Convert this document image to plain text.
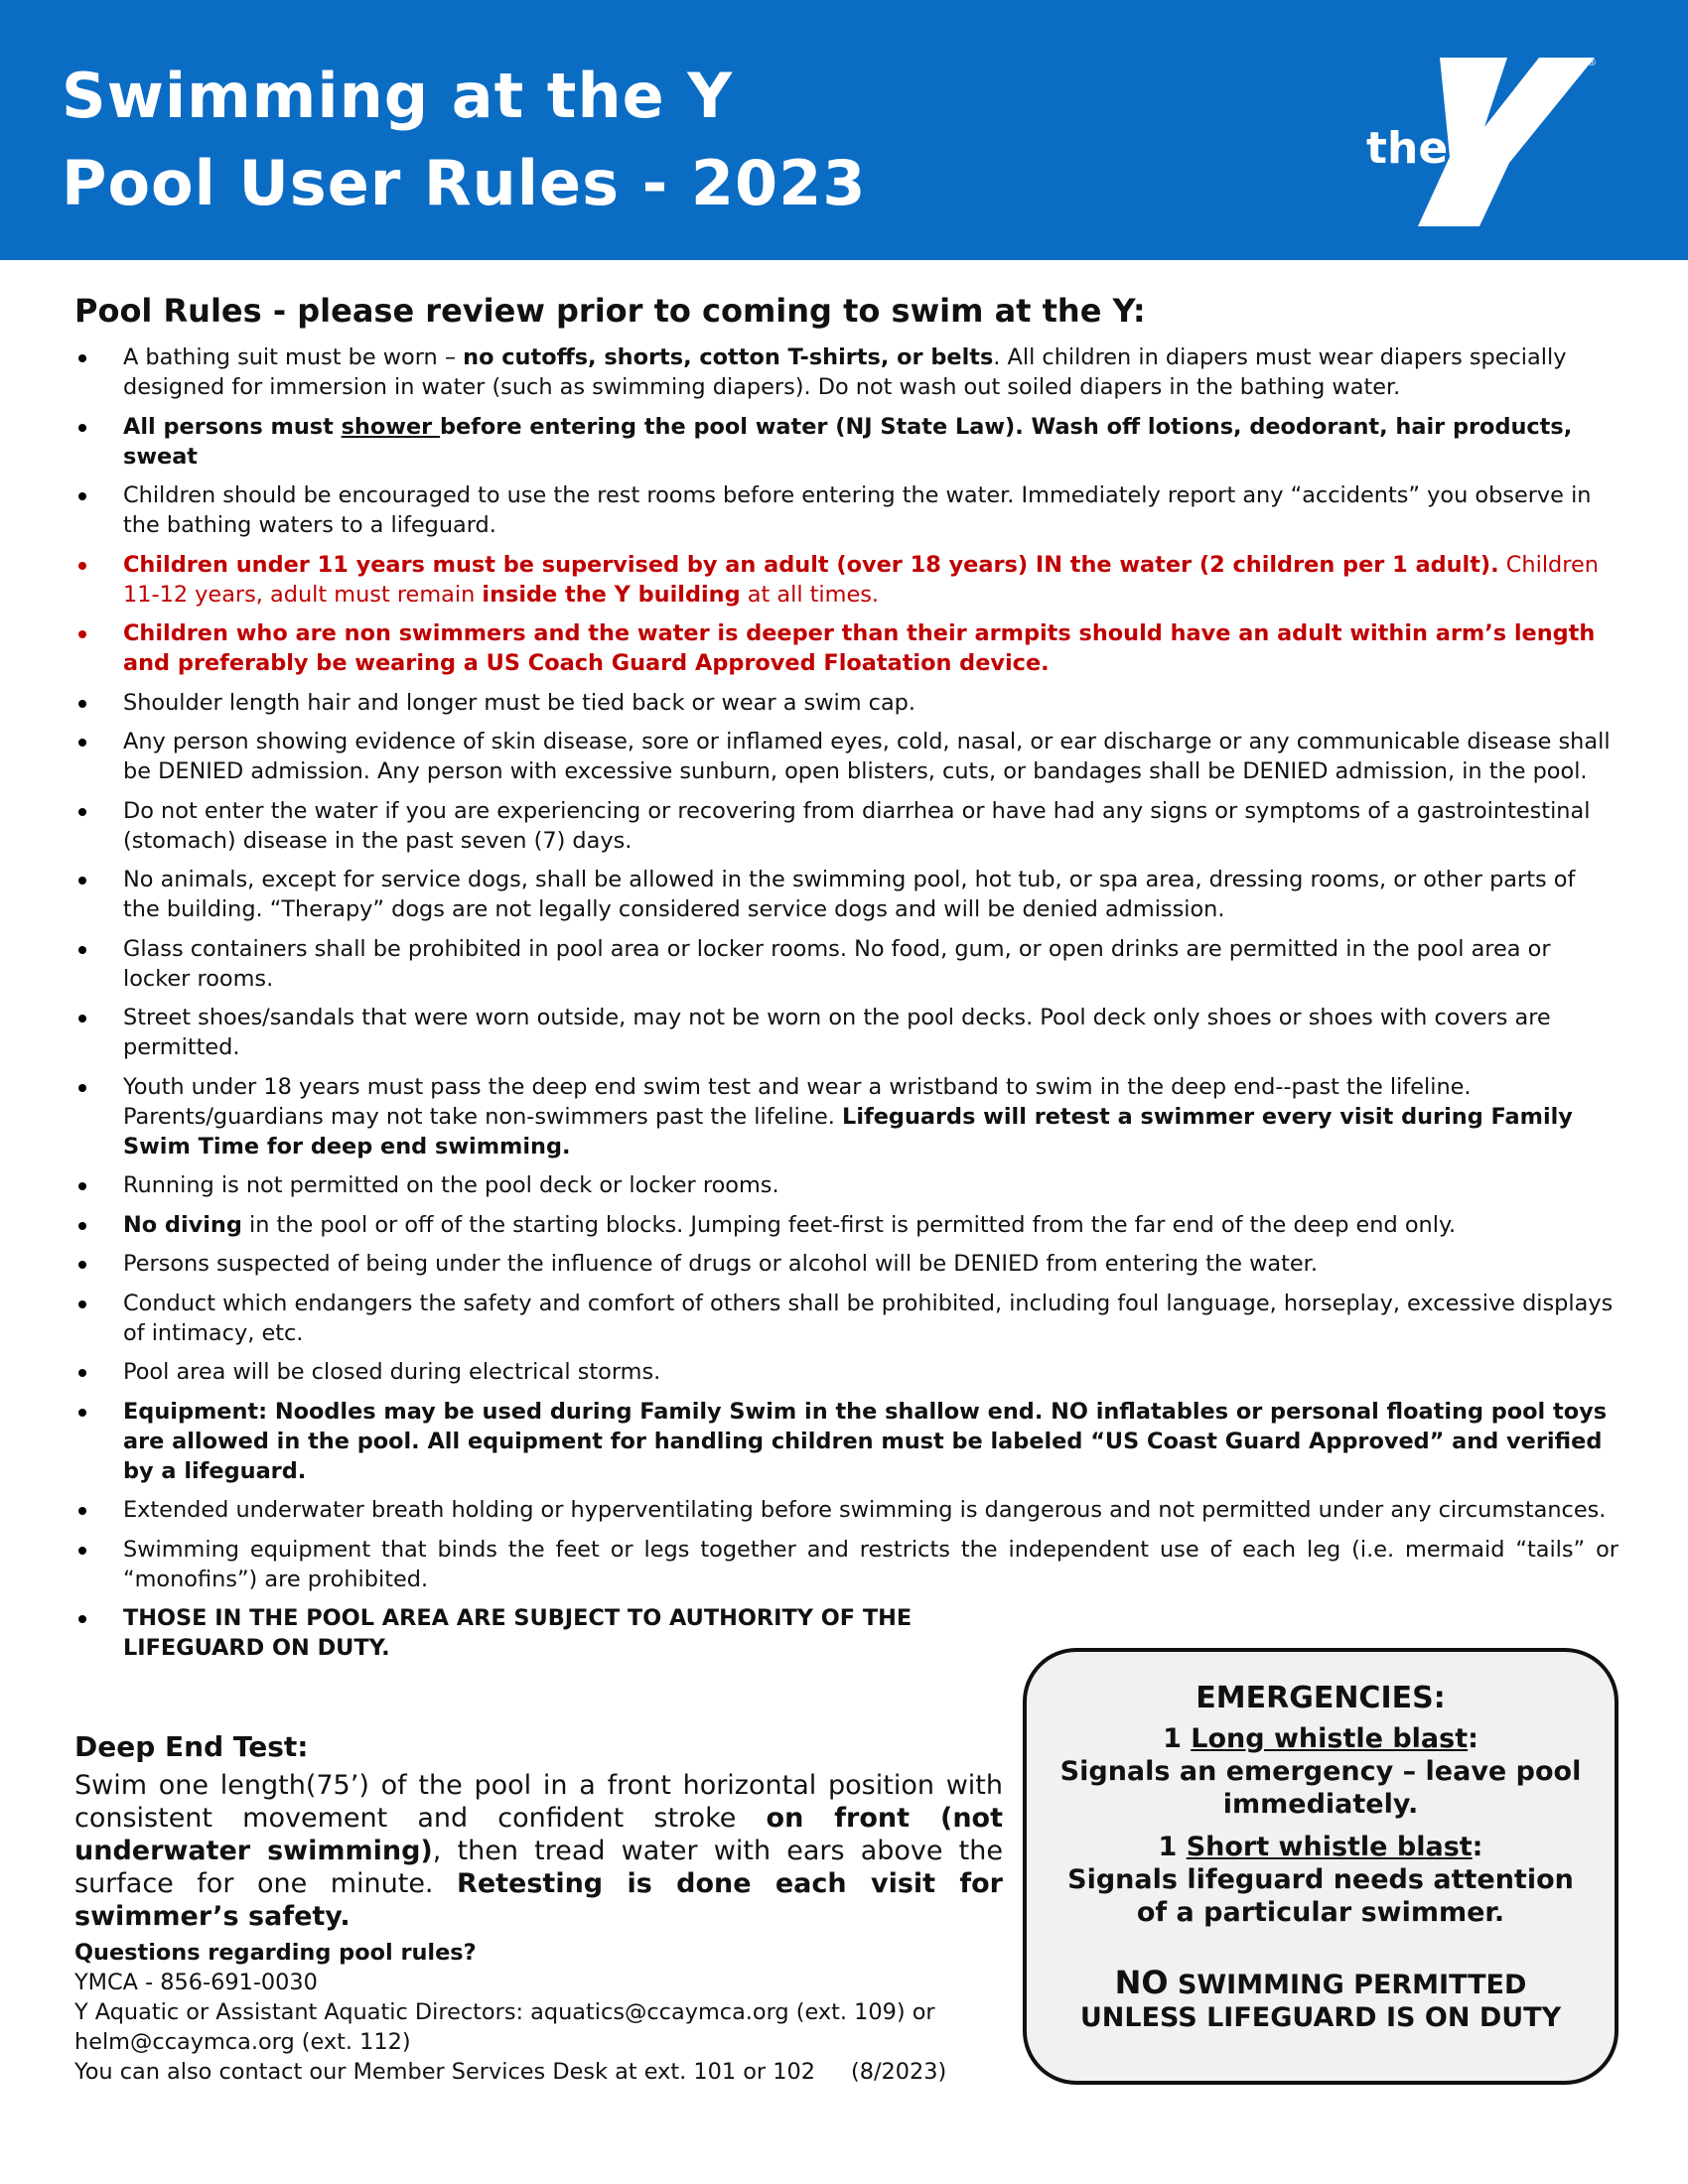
Swimming at the Y
Pool User Rules - 2023	the
YMCA
®
Pool Rules - please review prior to coming to swim at the Y:
A bathing suit must be worn – no cutoffs, shorts, cotton T-shirts, or belts. All children in diapers must wear diapers specially designed for immersion in water (such as swimming diapers). Do not wash out soiled diapers in the bathing water.
All persons must shower before entering the pool water (NJ State Law). Wash off lotions, deodorant, hair products, sweat
Children should be encouraged to use the rest rooms before entering the water. Immediately report any “accidents” you observe in the bathing waters to a lifeguard.
Children under 11 years must be supervised by an adult (over 18 years) IN the water (2 children per 1 adult). Children 11-12 years, adult must remain inside the Y building at all times.
Children who are non swimmers and the water is deeper than their armpits should have an adult within arm’s length and preferably be wearing a US Coach Guard Approved Floatation device.
Shoulder length hair and longer must be tied back or wear a swim cap.
Any person showing evidence of skin disease, sore or inflamed eyes, cold, nasal, or ear discharge or any communicable disease shall be DENIED admission. Any person with excessive sunburn, open blisters, cuts, or bandages shall be DENIED admission, in the pool.
Do not enter the water if you are experiencing or recovering from diarrhea or have had any signs or symptoms of a gastrointestinal (stomach) disease in the past seven (7) days.
No animals, except for service dogs, shall be allowed in the swimming pool, hot tub, or spa area, dressing rooms, or other parts of the building. “Therapy” dogs are not legally considered service dogs and will be denied admission.
Glass containers shall be prohibited in pool area or locker rooms. No food, gum, or open drinks are permitted in the pool area or locker rooms.
Street shoes/sandals that were worn outside, may not be worn on the pool decks. Pool deck only shoes or shoes with covers are permitted.
Youth under 18 years must pass the deep end swim test and wear a wristband to swim in the deep end--past the lifeline. Parents/guardians may not take non-swimmers past the lifeline. Lifeguards will retest a swimmer every visit during Family Swim Time for deep end swimming.
Running is not permitted on the pool deck or locker rooms.
No diving in the pool or off of the starting blocks. Jumping feet-first is permitted from the far end of the deep end only.
Persons suspected of being under the influence of drugs or alcohol will be DENIED from entering the water.
Conduct which endangers the safety and comfort of others shall be prohibited, including foul language, horseplay, excessive displays of intimacy, etc.
Pool area will be closed during electrical storms.
Equipment: Noodles may be used during Family Swim in the shallow end. NO inflatables or personal floating pool toys are allowed in the pool. All equipment for handling children must be labeled “US Coast Guard Approved” and verified by a lifeguard.
Extended underwater breath holding or hyperventilating before swimming is dangerous and not permitted under any circumstances.
Swimming equipment that binds the feet or legs together and restricts the independent use of each leg (i.e. mermaid “tails” or “monofins”) are prohibited.
THOSE IN THE POOL AREA ARE SUBJECT TO AUTHORITY OF THE LIFEGUARD ON DUTY.
Deep End Test:

Swim one length(75’) of the pool in a front horizontal position with consistent movement and confident stroke on front (not underwater swimming), then tread water with ears above the surface for one minute. Retesting is done each visit for swimmer’s safety.

Questions regarding pool rules?
YMCA - 856-691-0030
Y Aquatic or Assistant Aquatic Directors: aquatics@ccaymca.org (ext. 109) or helm@ccaymca.org (ext. 112)
You can also contact our Member Services Desk at ext. 101 or 102 (8/2023)

EMERGENCIES:

1 Long whistle blast:

Signals an emergency – leave pool immediately.

1 Short whistle blast:

Signals lifeguard needs attention of a particular swimmer.

NO SWIMMING PERMITTED UNLESS LIFEGUARD IS ON DUTY
